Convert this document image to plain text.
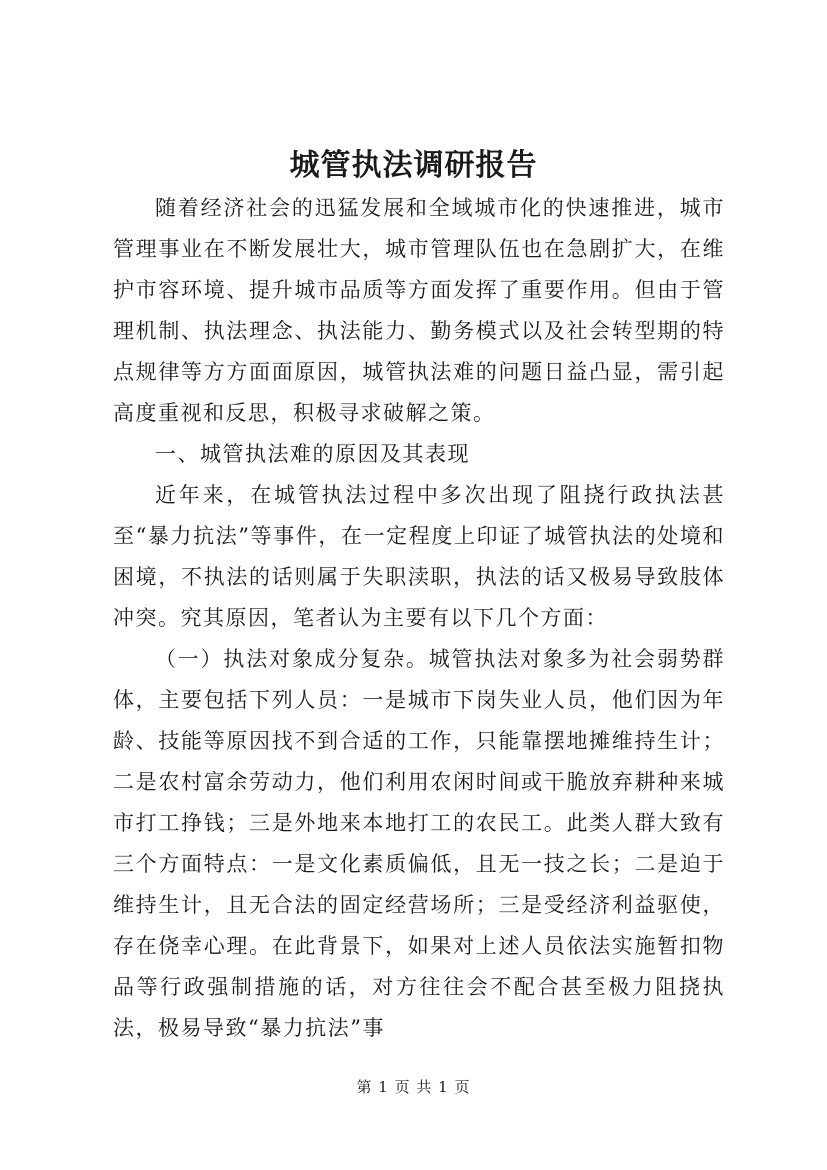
城管执法调研报告

随着经济社会的迅猛发展和全域城市化的快速推进，城市管理事业在不断发展壮大，城市管理队伍也在急剧扩大，在维护市容环境、提升城市品质等方面发挥了重要作用。但由于管理机制、执法理念、执法能力、勤务模式以及社会转型期的特点规律等方方面面原因，城管执法难的问题日益凸显，需引起高度重视和反思，积极寻求破解之策。

一、城管执法难的原因及其表现

近年来，在城管执法过程中多次出现了阻挠行政执法甚至“暴力抗法”等事件，在一定程度上印证了城管执法的处境和困境，不执法的话则属于失职渎职，执法的话又极易导致肢体冲突。究其原因，笔者认为主要有以下几个方面：

（一）执法对象成分复杂。城管执法对象多为社会弱势群体，主要包括下列人员：一是城市下岗失业人员，他们因为年龄、技能等原因找不到合适的工作，只能靠摆地摊维持生计；二是农村富余劳动力，他们利用农闲时间或干脆放弃耕种来城市打工挣钱；三是外地来本地打工的农民工。此类人群大致有三个方面特点：一是文化素质偏低，且无一技之长；二是迫于维持生计，且无合法的固定经营场所；三是受经济利益驱使，存在侥幸心理。在此背景下，如果对上述人员依法实施暂扣物品等行政强制措施的话，对方往往会不配合甚至极力阻挠执法，极易导致“暴力抗法”事

第 1 页 共 1 页
